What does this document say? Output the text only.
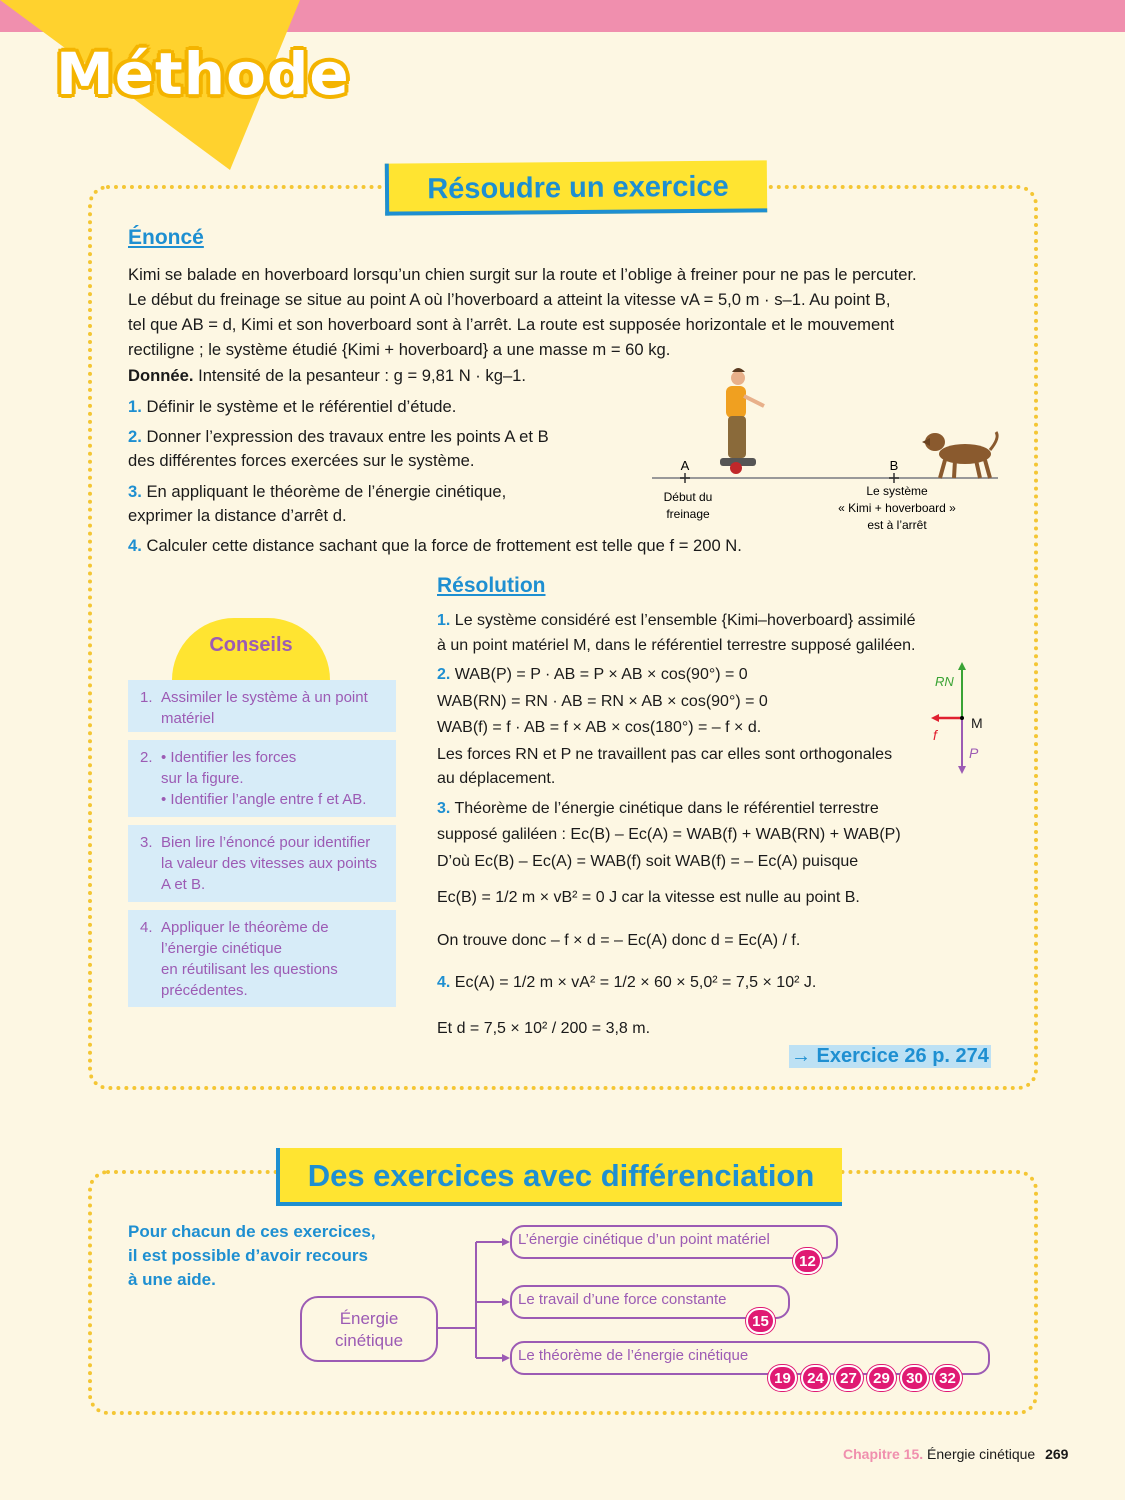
Méthode
Résoudre un exercice
Énoncé
Kimi se balade en hoverboard lorsqu’un chien surgit sur la route et l’oblige à freiner pour ne pas le percuter.
Le début du freinage se situe au point A où l’hoverboard a atteint la vitesse vA = 5,0 m · s–1. Au point B,
tel que AB = d, Kimi et son hoverboard sont à l’arrêt. La route est supposée horizontale et le mouvement
rectiligne ; le système étudié {Kimi + hoverboard} a une masse m = 60 kg.
Donnée. Intensité de la pesanteur : g = 9,81 N · kg–1.
1. Définir le système et le référentiel d’étude.
2. Donner l’expression des travaux entre les points A et B
des différentes forces exercées sur le système.
3. En appliquant le théorème de l’énergie cinétique,
exprimer la distance d’arrêt d.
4. Calculer cette distance sachant que la force de frottement est telle que f = 200 N.
A	B
Début du
freinage
Le système
« Kimi + hoverboard »
est à l’arrêt
Conseils
1. Assimiler le système à un point
matériel
2. • Identifier les forces
sur la figure.
• Identifier l’angle entre f et AB.
3. Bien lire l’énoncé pour identifier
la valeur des vitesses aux points
A et B.
4. Appliquer le théorème de
l’énergie cinétique
en réutilisant les questions
précédentes.
Résolution
1. Le système considéré est l’ensemble {Kimi–hoverboard} assimilé
à un point matériel M, dans le référentiel terrestre supposé galiléen.
2. WAB(P) = P · AB = P × AB × cos(90°) = 0
WAB(RN) = RN · AB = RN × AB × cos(90°) = 0
WAB(f) = f · AB = f × AB × cos(180°) = – f × d.
Les forces RN et P ne travaillent pas car elles sont orthogonales
au déplacement.
RN
M
f
P
3. Théorème de l’énergie cinétique dans le référentiel terrestre
supposé galiléen : Ec(B) – Ec(A) = WAB(f) + WAB(RN) + WAB(P)
D’où Ec(B) – Ec(A) = WAB(f) soit WAB(f) = – Ec(A) puisque
Ec(B) = 1/2 m × vB² = 0 J car la vitesse est nulle au point B.
On trouve donc – f × d = – Ec(A) donc d = Ec(A) / f.
4. Ec(A) = 1/2 m × vA² = 1/2 × 60 × 5,0² = 7,5 × 10² J.
Et d = 7,5 × 10² / 200 = 3,8 m.
→ Exercice 26 p. 274
Des exercices avec différenciation
Pour chacun de ces exercices,
il est possible d’avoir recours
à une aide.
Énergie
cinétique
L’énergie cinétique d’un point matériel
12
Le travail d’une force constante
15
Le théorème de l’énergie cinétique
19	24	27	29	30	32
Chapitre 15. Énergie cinétique 269
